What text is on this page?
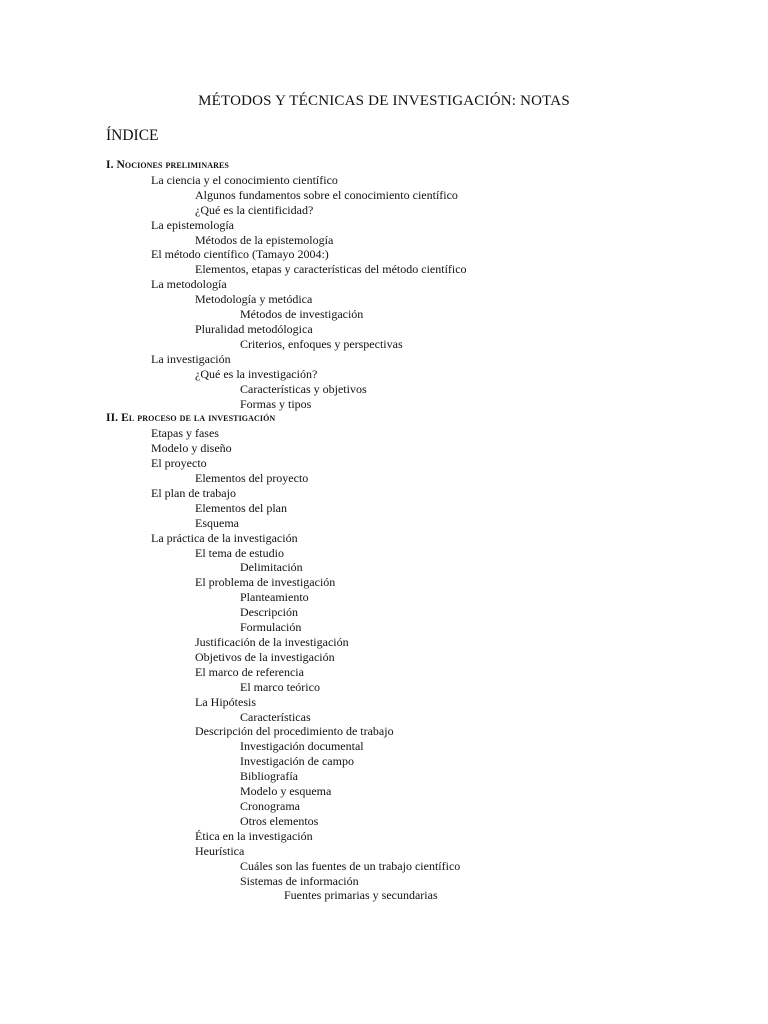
MÉTODOS Y TÉCNICAS DE INVESTIGACIÓN: NOTAS
ÍNDICE
I. Nociones preliminares
La ciencia y el conocimiento científico
Algunos fundamentos sobre el conocimiento científico
¿Qué es la cientificidad?
La epistemología
Métodos de la epistemología
El método científico (Tamayo 2004:)
Elementos, etapas y características del método científico
La metodología
Metodología y metódica
Métodos de investigación
Pluralidad metodólogica
Criterios, enfoques y perspectivas
La investigación
¿Qué es la investigación?
Características y objetivos
Formas y tipos
II. El proceso de la investigación
Etapas y fases
Modelo y diseño
El proyecto
Elementos del proyecto
El plan de trabajo
Elementos del plan
Esquema
La práctica de la investigación
El tema de estudio
Delimitación
El problema de investigación
Planteamiento
Descripción
Formulación
Justificación de la investigación
Objetivos de la investigación
El marco de referencia
El marco teórico
La Hipótesis
Características
Descripción del procedimiento de trabajo
Investigación documental
Investigación de campo
Bibliografía
Modelo y esquema
Cronograma
Otros elementos
Ética en la investigación
Heurística
Cuáles son las fuentes de un trabajo científico
Sistemas de información
Fuentes primarias y secundarias
